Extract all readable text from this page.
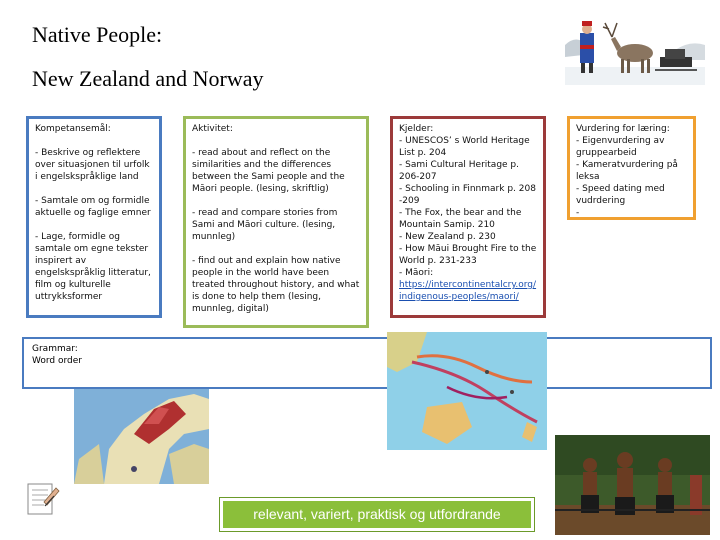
Native People:
New Zealand and Norway

Kompetansemål:

- Beskrive og reflektere over situasjonen til urfolk i engelskspråklige land

- Samtale om og formidle aktuelle og faglige emner

- Lage, formidle og samtale om egne tekster inspirert av engelskspråklig litteratur, film og kulturelle uttrykksformer

Aktivitet:

- read about and reflect on the similarities and the differences between the Sami people and the Māori people. (lesing, skriftlig)

- read and compare stories from Sami and Māori culture. (lesing, munnleg)

- find out and explain how native people in the world have been treated throughout history, and what is done to help them (lesing, munnleg, digital)

Kjelder:
- UNESCOS’ s World Heritage List p. 204
- Sami Cultural Heritage p. 206-207
- Schooling in Finnmark p. 208 -209
- The Fox, the bear and the Mountain Samip. 210
- New Zealand p. 230
- How Māui Brought Fire to the World p. 231-233
- Māori:
https://intercontinentalcry.org/indigenous-peoples/maori/
Vurdering for læring:
- Eigenvurdering av gruppearbeid
- Kameratvurdering på leksa
- Speed dating med vudrdering
-
Grammar:
Word order
relevant, variert, praktisk og utfordrande
